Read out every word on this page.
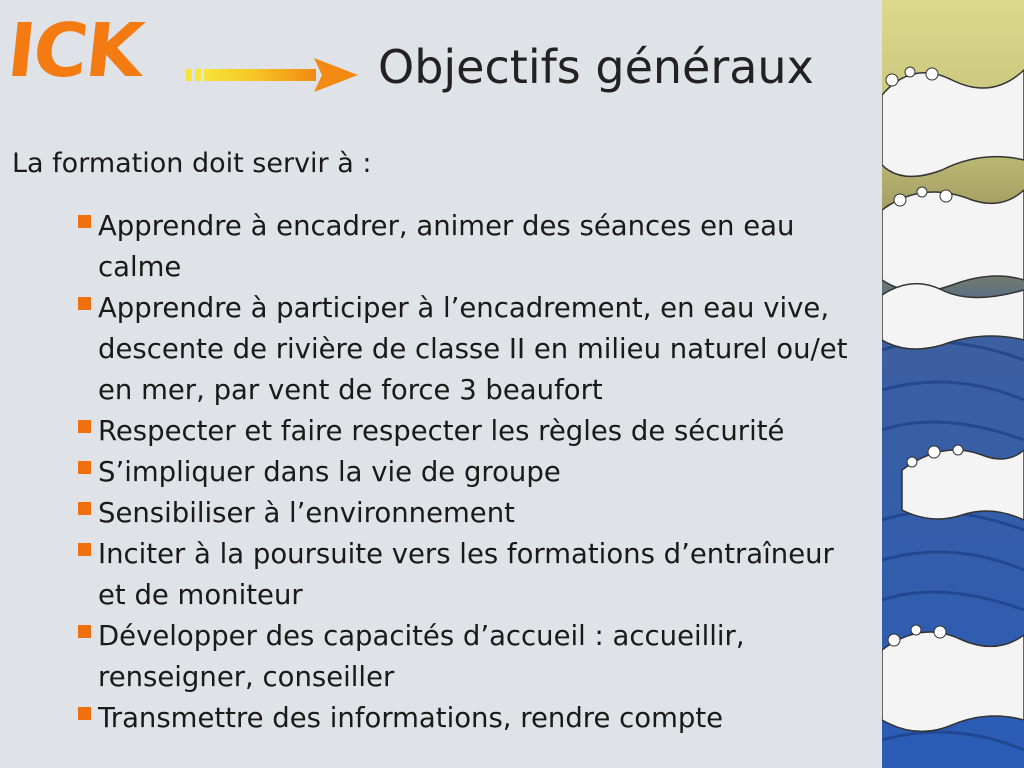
ICK	Objectifs généraux
La formation doit servir à :
Apprendre à encadrer, animer des séances en eau calme
Apprendre à participer à l’encadrement, en eau vive, descente de rivière de classe II en milieu naturel ou/et en mer, par vent de force 3 beaufort
Respecter et faire respecter les règles de sécurité
S’impliquer dans la vie de groupe
Sensibiliser à l’environnement
Inciter à la poursuite vers les formations d’entraîneur et de moniteur
Développer des capacités d’accueil : accueillir, renseigner, conseiller
Transmettre des informations, rendre compte
